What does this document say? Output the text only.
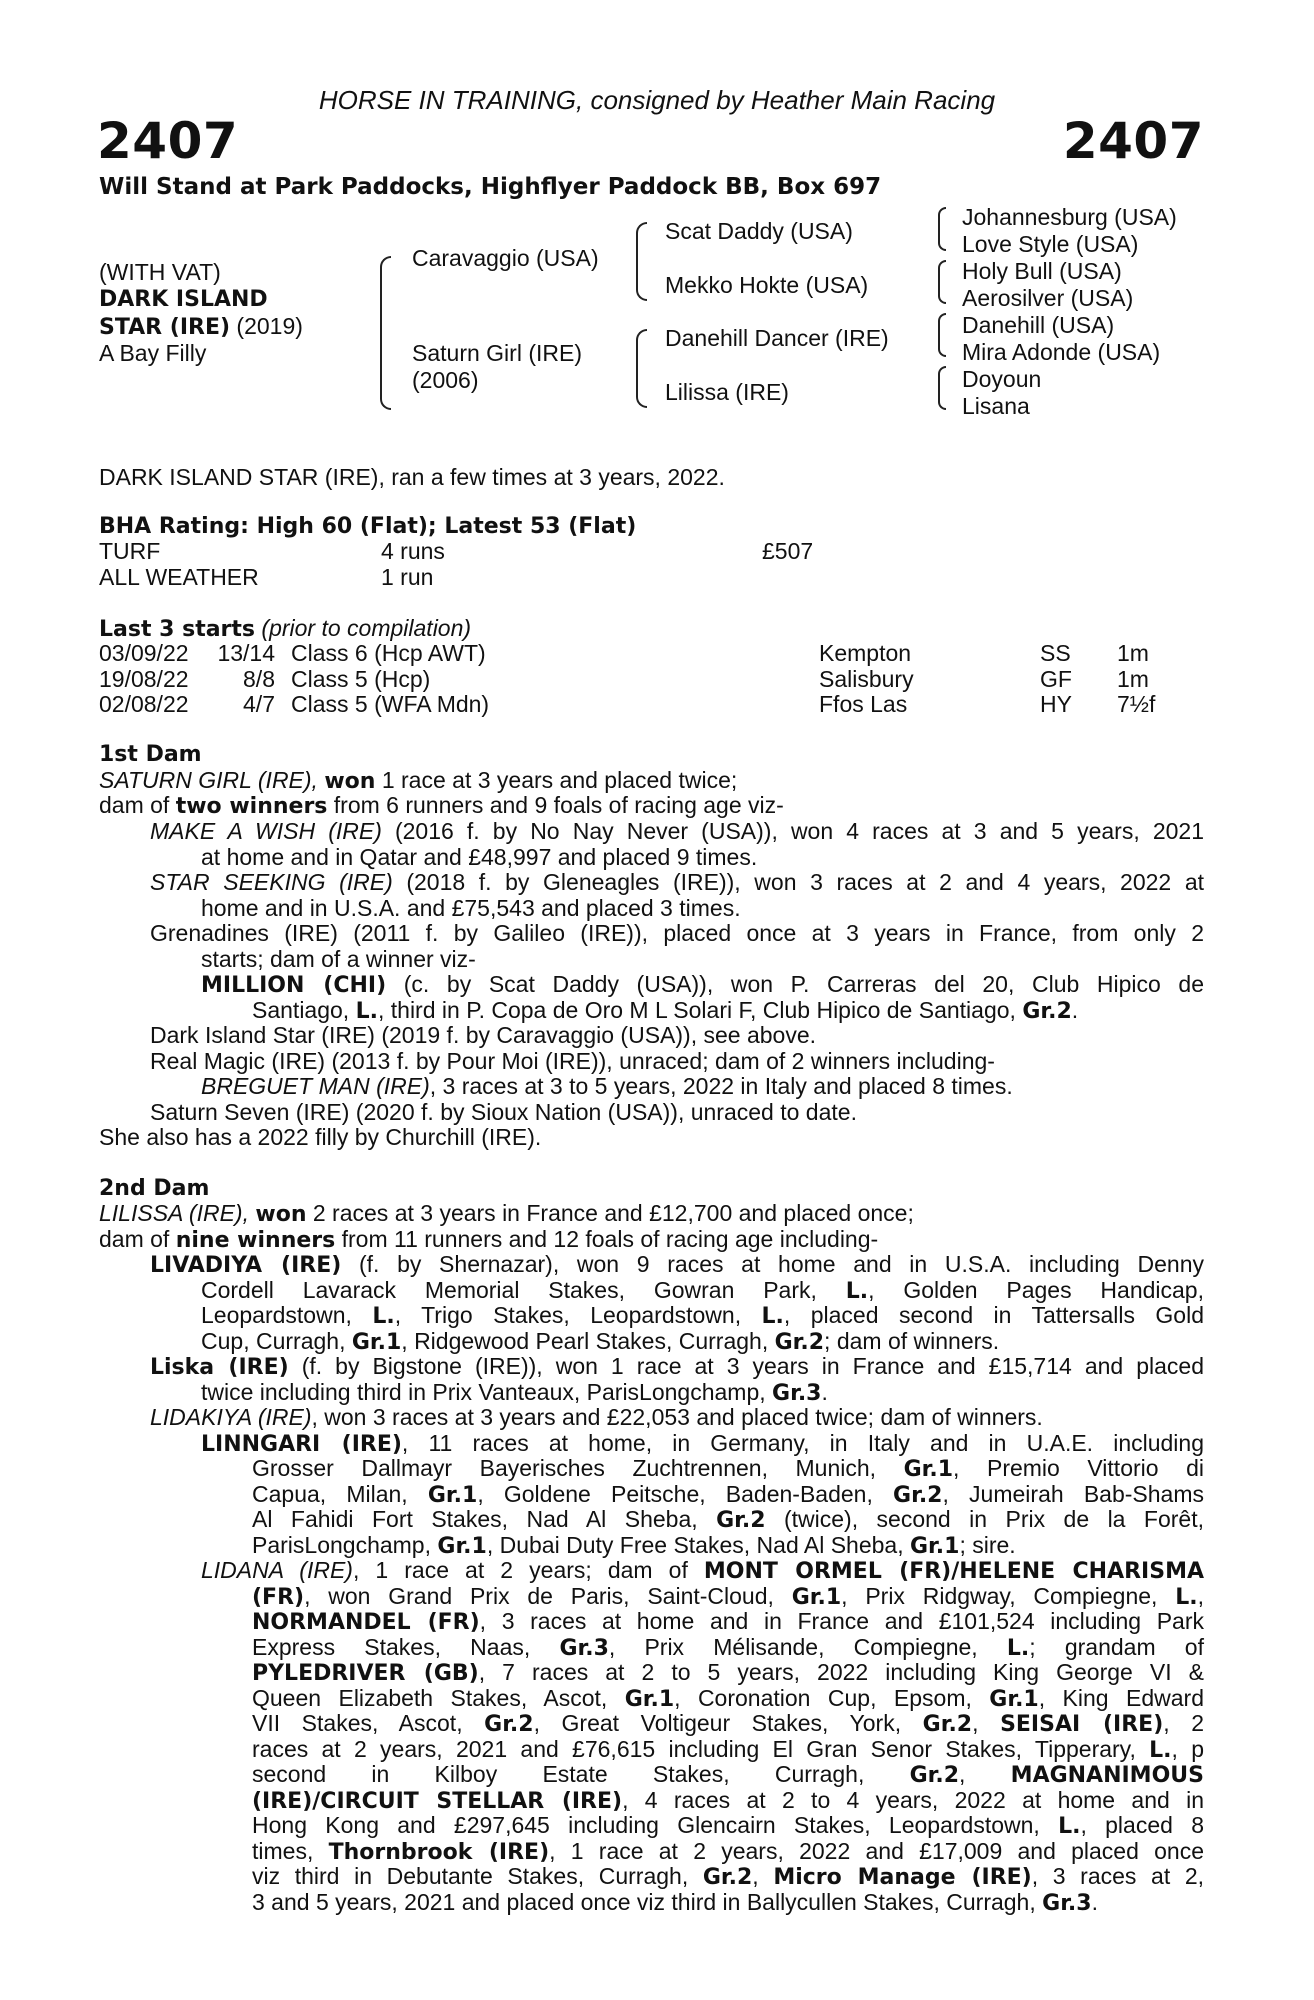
HORSE IN TRAINING, consigned by Heather Main Racing
2407	2407
Will Stand at Park Paddocks, Highflyer Paddock BB, Box 697
(WITH VAT)
DARK ISLAND
STAR (IRE) (2019)
A Bay Filly
Caravaggio (USA)
Saturn Girl (IRE)
(2006)
Scat Daddy (USA)
Mekko Hokte (USA)
Danehill Dancer (IRE)
Lilissa (IRE)
Johannesburg (USA)
Love Style (USA)
Holy Bull (USA)
Aerosilver (USA)
Danehill (USA)
Mira Adonde (USA)
Doyoun
Lisana
DARK ISLAND STAR (IRE), ran a few times at 3 years, 2022.
BHA Rating: High 60 (Flat); Latest 53 (Flat)
TURF	4 runs	£507
ALL WEATHER	1 run
Last 3 starts (prior to compilation)
03/09/22	13/14 Class 6 (Hcp AWT)	Kempton	SS 1m
19/08/22	8/8 Class 5 (Hcp)	Salisbury	GF 1m
02/08/22	4/7 Class 5 (WFA Mdn)	Ffos Las	HY 7½f
1st Dam
SATURN GIRL (IRE), won 1 race at 3 years and placed twice;
dam of two winners from 6 runners and 9 foals of racing age viz-
MAKE A WISH (IRE) (2016 f. by No Nay Never (USA)), won 4 races at 3 and 5 years, 2021
at home and in Qatar and £48,997 and placed 9 times.
STAR SEEKING (IRE) (2018 f. by Gleneagles (IRE)), won 3 races at 2 and 4 years, 2022 at
home and in U.S.A. and £75,543 and placed 3 times.
Grenadines (IRE) (2011 f. by Galileo (IRE)), placed once at 3 years in France, from only 2
starts; dam of a winner viz-
MILLION (CHI) (c. by Scat Daddy (USA)), won P. Carreras del 20, Club Hipico de
Santiago, L., third in P. Copa de Oro M L Solari F, Club Hipico de Santiago, Gr.2.
Dark Island Star (IRE) (2019 f. by Caravaggio (USA)), see above.
Real Magic (IRE) (2013 f. by Pour Moi (IRE)), unraced; dam of 2 winners including-
BREGUET MAN (IRE), 3 races at 3 to 5 years, 2022 in Italy and placed 8 times.
Saturn Seven (IRE) (2020 f. by Sioux Nation (USA)), unraced to date.
She also has a 2022 filly by Churchill (IRE).
2nd Dam
LILISSA (IRE), won 2 races at 3 years in France and £12,700 and placed once;
dam of nine winners from 11 runners and 12 foals of racing age including-
LIVADIYA (IRE) (f. by Shernazar), won 9 races at home and in U.S.A. including Denny
Cordell Lavarack Memorial Stakes, Gowran Park, L., Golden Pages Handicap,
Leopardstown, L., Trigo Stakes, Leopardstown, L., placed second in Tattersalls Gold
Cup, Curragh, Gr.1, Ridgewood Pearl Stakes, Curragh, Gr.2; dam of winners.
Liska (IRE) (f. by Bigstone (IRE)), won 1 race at 3 years in France and £15,714 and placed
twice including third in Prix Vanteaux, ParisLongchamp, Gr.3.
LIDAKIYA (IRE), won 3 races at 3 years and £22,053 and placed twice; dam of winners.
LINNGARI (IRE), 11 races at home, in Germany, in Italy and in U.A.E. including
Grosser Dallmayr Bayerisches Zuchtrennen, Munich, Gr.1, Premio Vittorio di
Capua, Milan, Gr.1, Goldene Peitsche, Baden-Baden, Gr.2, Jumeirah Bab-Shams
Al Fahidi Fort Stakes, Nad Al Sheba, Gr.2 (twice), second in Prix de la Forêt,
ParisLongchamp, Gr.1, Dubai Duty Free Stakes, Nad Al Sheba, Gr.1; sire.
LIDANA (IRE), 1 race at 2 years; dam of MONT ORMEL (FR)/HELENE CHARISMA
(FR), won Grand Prix de Paris, Saint-Cloud, Gr.1, Prix Ridgway, Compiegne, L.,
NORMANDEL (FR), 3 races at home and in France and £101,524 including Park
Express Stakes, Naas, Gr.3, Prix Mélisande, Compiegne, L.; grandam of
PYLEDRIVER (GB), 7 races at 2 to 5 years, 2022 including King George VI &
Queen Elizabeth Stakes, Ascot, Gr.1, Coronation Cup, Epsom, Gr.1, King Edward
VII Stakes, Ascot, Gr.2, Great Voltigeur Stakes, York, Gr.2, SEISAI (IRE), 2
races at 2 years, 2021 and £76,615 including El Gran Senor Stakes, Tipperary, L., p
second in Kilboy Estate Stakes, Curragh, Gr.2, MAGNANIMOUS
(IRE)/CIRCUIT STELLAR (IRE), 4 races at 2 to 4 years, 2022 at home and in
Hong Kong and £297,645 including Glencairn Stakes, Leopardstown, L., placed 8
times, Thornbrook (IRE), 1 race at 2 years, 2022 and £17,009 and placed once
viz third in Debutante Stakes, Curragh, Gr.2, Micro Manage (IRE), 3 races at 2,
3 and 5 years, 2021 and placed once viz third in Ballycullen Stakes, Curragh, Gr.3.
